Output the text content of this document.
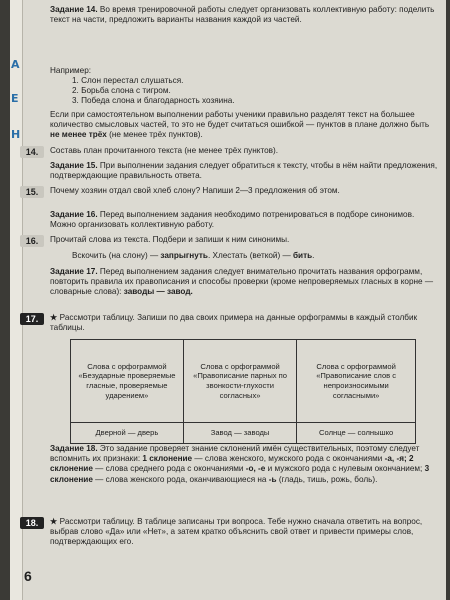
А
Е
Н
Задание 14. Во время тренировочной работы следует организовать коллективную работу: поделить текст на части, предложить варианты названия каждой из частей.
Например:
1. Слон перестал слушаться.
2. Борьба слона с тигром.
3. Победа слона и благодарность хозяина.
Если при самостоятельном выполнении работы ученики правильно разделят текст на большее количество смысловых частей, то это не будет считаться ошибкой — пунктов в плане должно быть не менее трёх (не менее трёх пунктов).
14.	Составь план прочитанного текста (не менее трёх пунктов).
Задание 15. При выполнении задания следует обратиться к тексту, чтобы в нём найти предложения, подтверждающие правильность ответа.
15.	Почему хозяин отдал свой хлеб слону? Напиши 2—3 предложения об этом.
Задание 16. Перед выполнением задания необходимо потренироваться в подборе синонимов. Можно организовать коллективную работу.
16.	Прочитай слова из текста. Подбери и запиши к ним синонимы.
Вскочить (на слону) — запрыгнуть. Хлестать (веткой) — бить.
Задание 17. Перед выполнением задания следует внимательно прочитать названия орфограмм, повторить правила их правописания и способы проверки (кроме непроверяемых гласных в корне — словарные слова): заводы — завод.
17.	★ Рассмотри таблицу. Запиши по два своих примера на данные орфограммы в каждый столбик таблицы.
Слова с орфограммой «Безударные проверяемые гласные, проверяемые ударением»	Слова с орфограммой «Правописание парных по звонкости-глухости согласных»	Слова с орфограммой «Правописание слов с непроизносимыми согласными»
Дверной — дверь	Завод — заводы	Солнце — солнышко
Задание 18. Это задание проверяет знание склонений имён существительных, поэтому следует вспомнить их признаки: 1 склонение — слова женского, мужского рода с окончаниями -а, -я; 2 склонение — слова среднего рода с окончаниями -о, -е и мужского рода с нулевым окончанием; 3 склонение — слова женского рода, оканчивающиеся на -ь (гладь, тишь, рожь, боль).
18.	★ Рассмотри таблицу. В таблице записаны три вопроса. Тебе нужно сначала ответить на вопрос, выбрав слово «Да» или «Нет», а затем кратко объяснить свой ответ и привести примеры слов, подтверждающих его.
6
